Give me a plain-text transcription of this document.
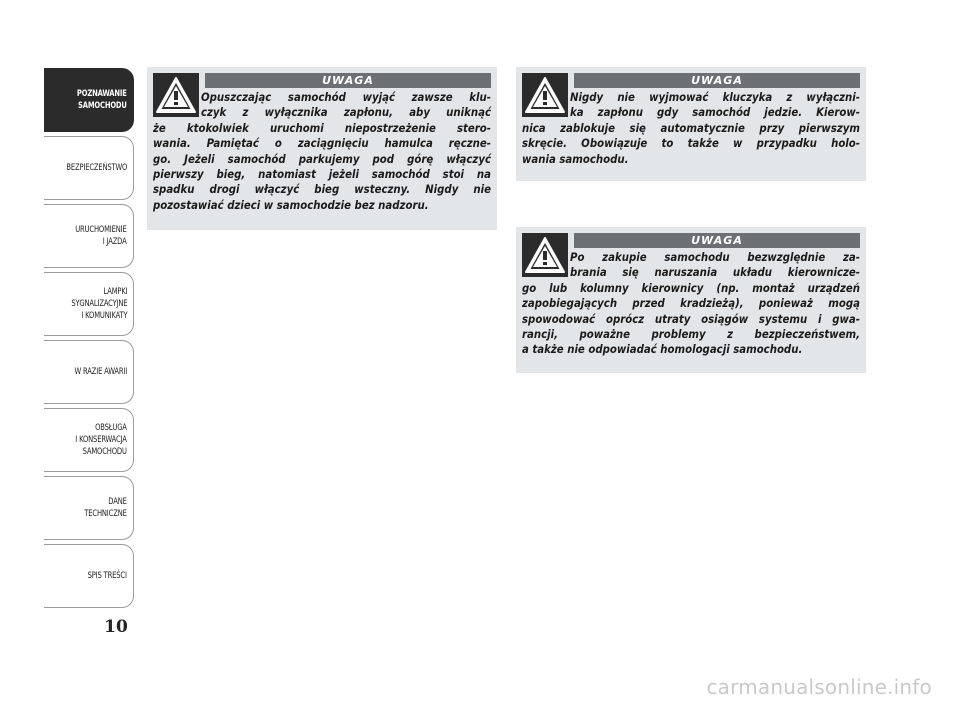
POZNAWANIE
SAMOCHODU
BEZPIECZEŃSTWO
URUCHOMIENIE
I JAZDA
LAMPKI
SYGNALIZACYJNE
I KOMUNIKATY
W RAZIE AWARII
OBSŁUGA
I KONSERWACJA
SAMOCHODU
DANE
TECHNICZNE
SPIS TREŚCI
10
UWAGA
Opuszczając samochód wyjąć zawsze klu-
czyk z wyłącznika zapłonu, aby uniknąć
że ktokolwiek uruchomi niepostrzeżenie stero-
wania. Pamiętać o zaciągnięciu hamulca ręczne-
go. Jeżeli samochód parkujemy pod górę włączyć
pierwszy bieg, natomiast jeżeli samochód stoi na
spadku drogi włączyć bieg wsteczny. Nigdy nie
pozostawiać dzieci w samochodzie bez nadzoru.
UWAGA
Nigdy nie wyjmować kluczyka z wyłączni-
ka zapłonu gdy samochód jedzie. Kierow-
nica zablokuje się automatycznie przy pierwszym
skręcie. Obowiązuje to także w przypadku holo-
wania samochodu.
UWAGA
Po zakupie samochodu bezwzględnie za-
brania się naruszania układu kierownicze-
go lub kolumny kierownicy (np. montaż urządzeń
zapobiegających przed kradzieżą), ponieważ mogą
spowodować oprócz utraty osiągów systemu i gwa-
rancji, poważne problemy z bezpieczeństwem,
a także nie odpowiadać homologacji samochodu.
carmanualsonline.info
